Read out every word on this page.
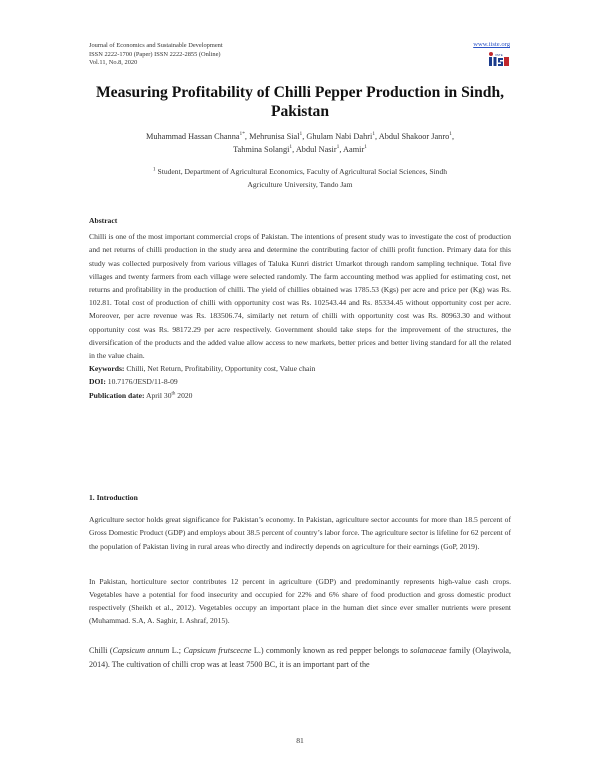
Journal of Economics and Sustainable Development
ISSN 2222-1700 (Paper) ISSN 2222-2855 (Online)
Vol.11, No.8, 2020
www.iiste.org
IISTE
Measuring Profitability of Chilli Pepper Production in Sindh,
Pakistan
Muhammad Hassan Channa$^{1*}$, Mehrunisa Sial$^1$, Ghulam Nabi Dahri$^1$, Abdul Shakoor Janro$^1$,
Tahmina Solangi$^1$, Abdul Nasir$^1$, Aamir$^1$
$^1$ Student, Department of Agricultural Economics, Faculty of Agricultural Social Sciences, Sindh
Agriculture University, Tando Jam
Abstract
Chilli is one of the most important commercial crops of Pakistan. The intentions of present study was to investigate the cost of production and net returns of chilli production in the study area and determine the contributing factor of chilli profit function. Primary data for this study was collected purposively from various villages of Taluka Kunri district Umarkot through random sampling technique. Total five villages and twenty farmers from each village were selected randomly. The farm accounting method was applied for estimating cost, net returns and profitability in the production of chilli. The yield of chillies obtained was 1785.53 (Kgs) per acre and price per (Kg) was Rs. 102.81. Total cost of production of chilli with opportunity cost was Rs. 102543.44 and Rs. 85334.45 without opportunity cost per acre. Moreover, per acre revenue was Rs. 183506.74, similarly net return of chilli with opportunity cost was Rs. 80963.30 and without opportunity cost was Rs. 98172.29 per acre respectively. Government should take steps for the improvement of the structures, the diversification of the products and the added value allow access to new markets, better prices and better living standard for all the related in the value chain.
Keywords: Chilli, Net Return, Profitability, Opportunity cost, Value chain
DOI: 10.7176/JESD/11-8-09
Publication date: April 30th 2020
1. Introduction
Agriculture sector holds great significance for Pakistan’s economy. In Pakistan, agriculture sector accounts for more than 18.5 percent of Gross Domestic Product (GDP) and employs about 38.5 percent of country’s labor force. The agriculture sector is lifeline for 62 percent of the population of Pakistan living in rural areas who directly and indirectly depends on agriculture for their earnings (GoP, 2019).
In Pakistan, horticulture sector contributes 12 percent in agriculture (GDP) and predominantly represents high-value cash crops. Vegetables have a potential for food insecurity and occupied for 22% and 6% share of food production and gross domestic product respectively (Sheikh et al., 2012). Vegetables occupy an important place in the human diet since ever smaller nutrients were present (Muhammad. S.A, A. Saghir, I. Ashraf, 2015).
Chilli (Capsicum annum L.; Capsicum frutscecne L.) commonly known as red pepper belongs to solanaceae family (Olayiwola, 2014). The cultivation of chilli crop was at least 7500 BC, it is an important part of the
81
